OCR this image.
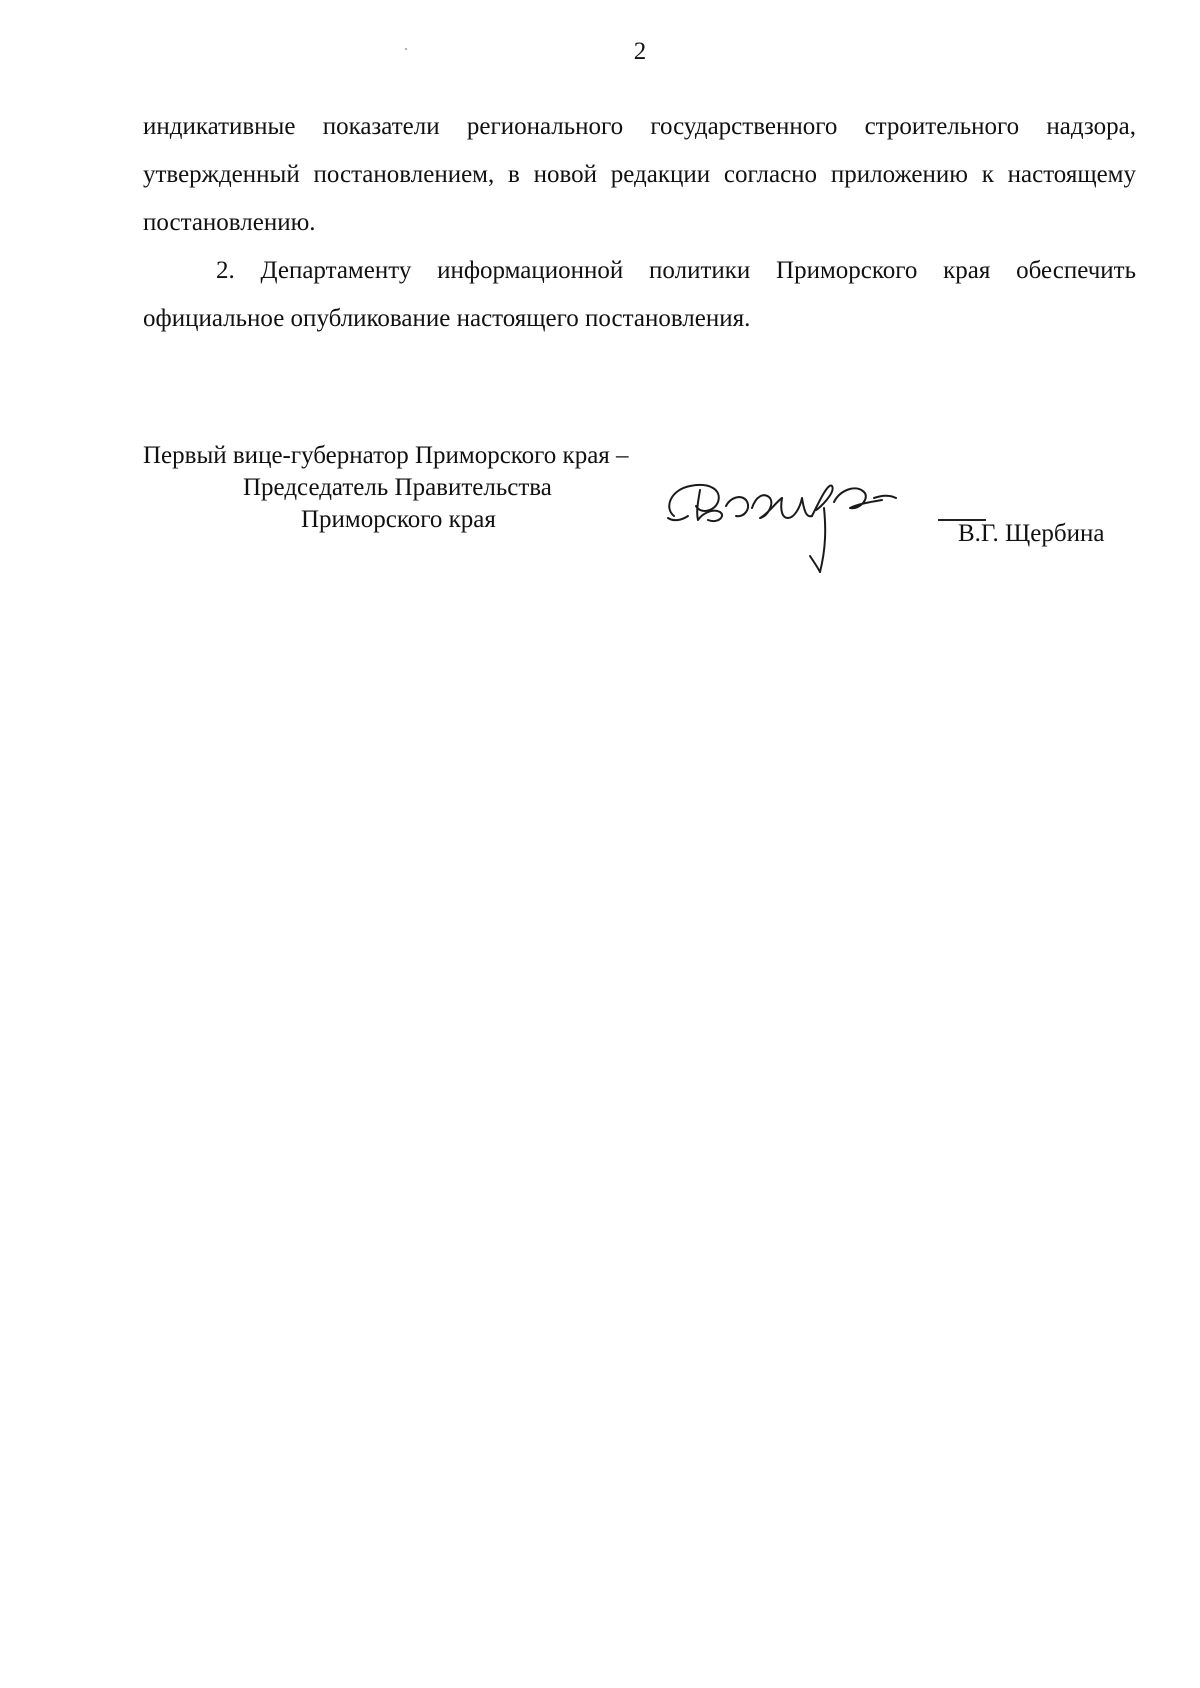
2

индикативные показатели регионального государственного строительного надзора, утвержденный постановлением, в новой редакции согласно приложению к настоящему постановлению.

2. Департаменту информационной политики Приморского края обеспечить официальное опубликование настоящего постановления.

Первый вице-губернатор Приморского края –
Председатель Правительства
Приморского края
В.Г. Щербина
